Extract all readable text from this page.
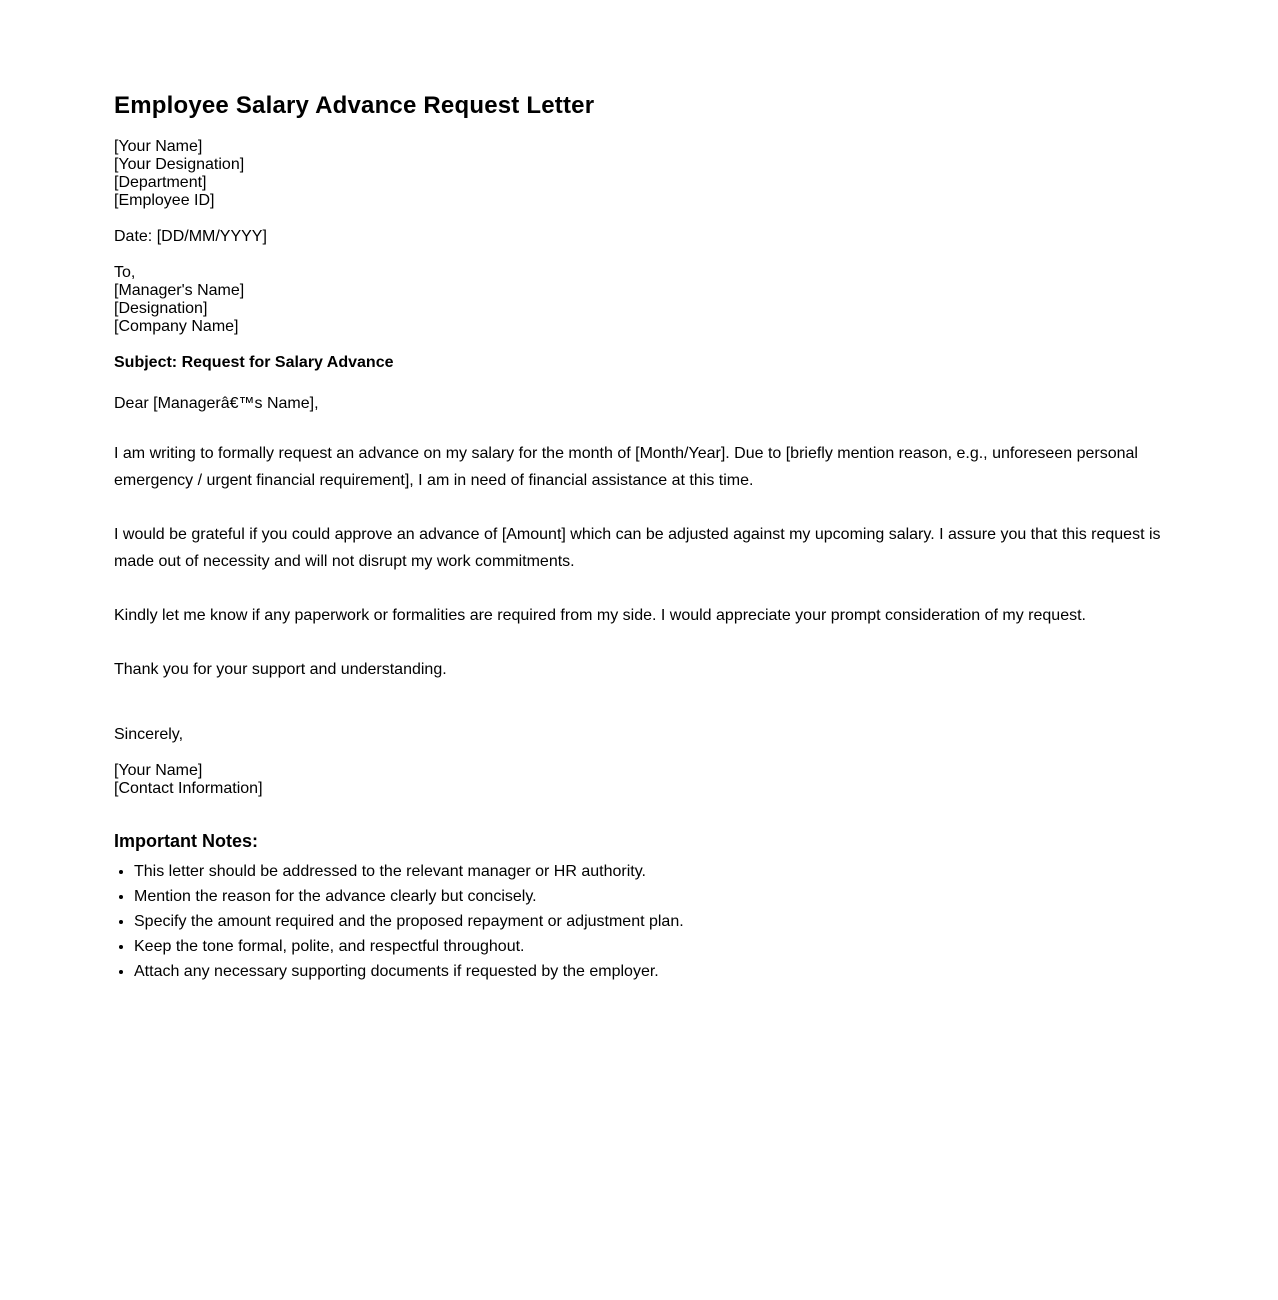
Employee Salary Advance Request Letter
[Your Name]
[Your Designation]
[Department]
[Employee ID]
Date: [DD/MM/YYYY]
To,
[Manager's Name]
[Designation]
[Company Name]
Subject: Request for Salary Advance
Dear [Managerâ€™s Name],

I am writing to formally request an advance on my salary for the month of [Month/Year]. Due to [briefly mention reason, e.g., unforeseen personal emergency / urgent financial requirement], I am in need of financial assistance at this time.

I would be grateful if you could approve an advance of [Amount] which can be adjusted against my upcoming salary. I assure you that this request is made out of necessity and will not disrupt my work commitments.

Kindly let me know if any paperwork or formalities are required from my side. I would appreciate your prompt consideration of my request.

Thank you for your support and understanding.

Sincerely,
[Your Name]
[Contact Information]
Important Notes:
• This letter should be addressed to the relevant manager or HR authority.
• Mention the reason for the advance clearly but concisely.
• Specify the amount required and the proposed repayment or adjustment plan.
• Keep the tone formal, polite, and respectful throughout.
• Attach any necessary supporting documents if requested by the employer.
